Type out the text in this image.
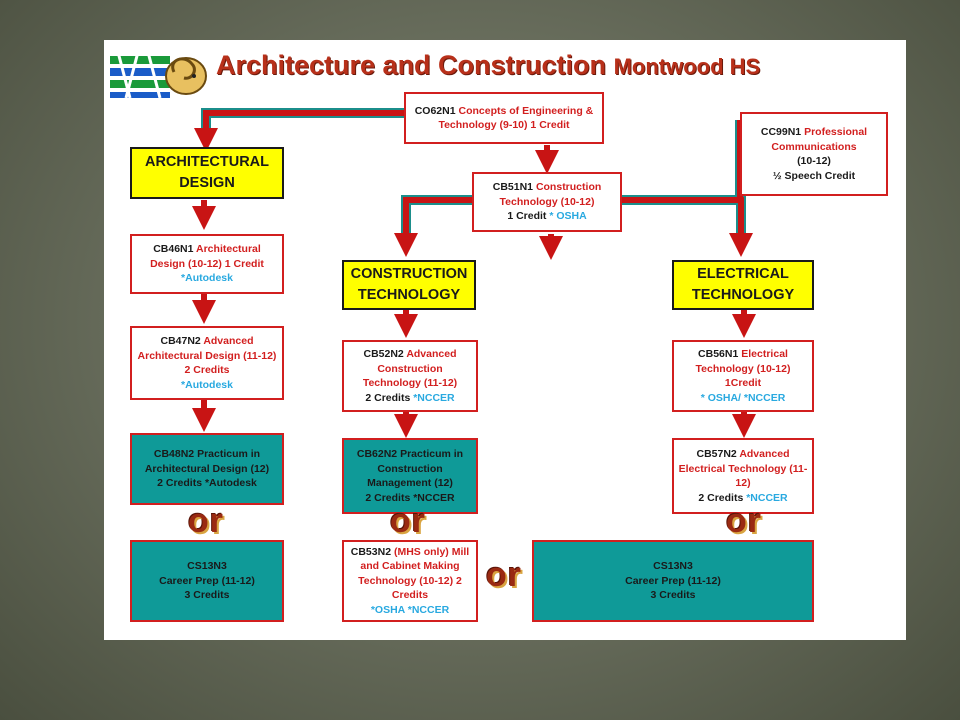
Architecture and Construction Montwood HS
CO62N1 Concepts of Engineering & Technology (9-10) 1 Credit
CC99N1 Professional Communications
(10-12)
½ Speech Credit
CB51N1 Construction Technology (10-12)
1 Credit * OSHA
ARCHITECTURAL DESIGN
CONSTRUCTION TECHNOLOGY
ELECTRICAL TECHNOLOGY
CB46N1 Architectural Design (10-12) 1 Credit
*Autodesk
CB47N2 Advanced Architectural Design (11-12) 2 Credits
*Autodesk
CB48N2 Practicum in Architectural Design (12)
2 Credits *Autodesk
CS13N3
Career Prep (11-12)
3 Credits
CB52N2 Advanced Construction Technology (11-12)
2 Credits *NCCER
CB62N2 Practicum in Construction Management (12)
2 Credits *NCCER
CB53N2 (MHS only) Mill and Cabinet Making Technology (10-12) 2 Credits
*OSHA *NCCER
CB56N1 Electrical Technology (10-12) 1Credit
* OSHA/ *NCCER
CB57N2 Advanced Electrical Technology (11-12)
2 Credits *NCCER
CS13N3
Career Prep (11-12)
3 Credits
or	or	or
or
